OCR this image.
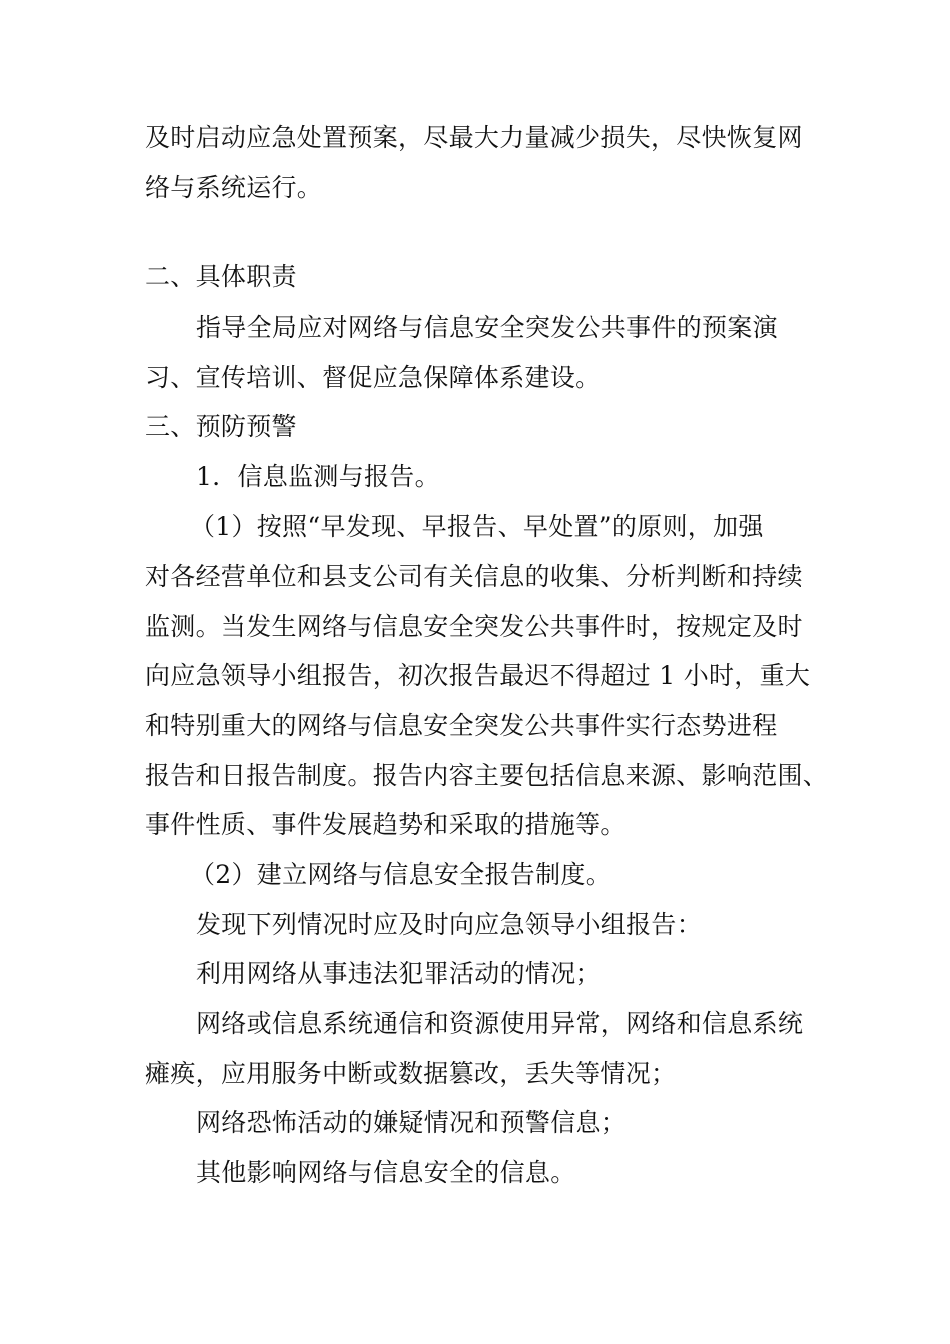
及时启动应急处置预案，尽最大力量减少损失，尽快恢复网
络与系统运行。
二、具体职责
指导全局应对网络与信息安全突发公共事件的预案演
习、宣传培训、督促应急保障体系建设。
三、预防预警
1．信息监测与报告。
（1）按照“早发现、早报告、早处置”的原则，加强
对各经营单位和县支公司有关信息的收集、分析判断和持续
监测。当发生网络与信息安全突发公共事件时，按规定及时
向应急领导小组报告，初次报告最迟不得超过 1 小时，重大
和特别重大的网络与信息安全突发公共事件实行态势进程
报告和日报告制度。报告内容主要包括信息来源、影响范围、
事件性质、事件发展趋势和采取的措施等。
（2）建立网络与信息安全报告制度。
发现下列情况时应及时向应急领导小组报告：
利用网络从事违法犯罪活动的情况；
网络或信息系统通信和资源使用异常，网络和信息系统
瘫痪，应用服务中断或数据篡改，丢失等情况；
网络恐怖活动的嫌疑情况和预警信息；
其他影响网络与信息安全的信息。
